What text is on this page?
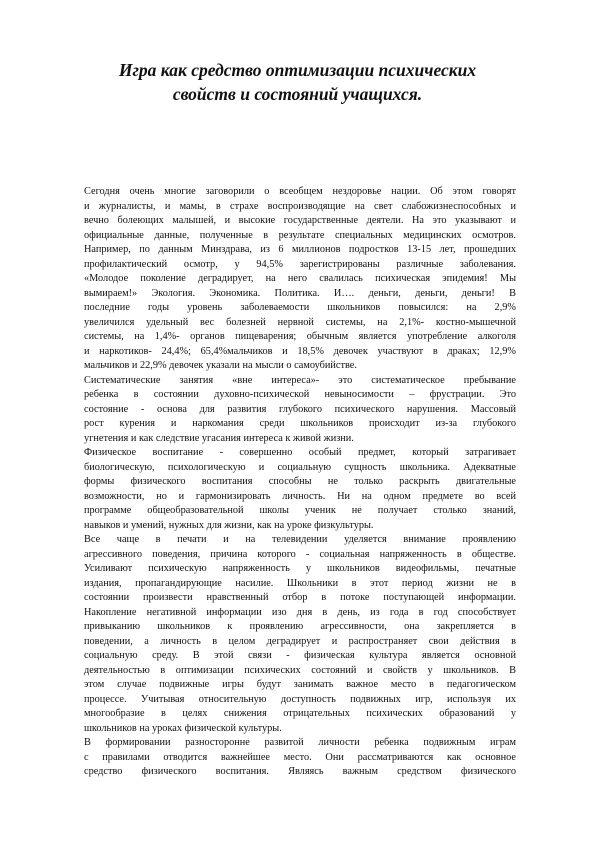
Игра как средство оптимизации психических
свойств и состояний учащихся.

Сегодня очень многие заговорили о всеобщем нездоровье нации. Об этом говорят
и журналисты, и мамы, в страхе воспроизводящие на свет слабожизнеспособных и
вечно болеющих малышей, и высокие государственные деятели. На это указывают и
официальные данные, полученные в результате специальных медицинских осмотров.
Например, по данным Минздрава, из 6 миллионов подростков 13-15 лет, прошедших
профилактический осмотр, у 94,5% зарегистрированы различные заболевания.
«Молодое поколение деградирует, на него свалилась психическая эпидемия! Мы
вымираем!» Экология. Экономика. Политика. И…. деньги, деньги, деньги! В
последние годы уровень заболеваемости школьников повысился: на 2,9%
увеличился удельный вес болезней нервной системы, на 2,1%- костно-мышечной
системы, на 1,4%- органов пищеварения; обычным является употребление алкоголя
и наркотиков- 24,4%; 65,4%мальчиков и 18,5% девочек участвуют в драках; 12,9%
мальчиков и 22,9% девочек указали на мысли о самоубийстве.

Систематические занятия «вне интереса»- это систематическое пребывание
ребенка в состоянии духовно-психической невыносимости – фрустрации. Это
состояние - основа для развития глубокого психического нарушения. Массовый
рост курения и наркомания среди школьников происходит из-за глубокого
угнетения и как следствие угасания интереса к живой жизни.

Физическое воспитание - совершенно особый предмет, который затрагивает
биологическую, психологическую и социальную сущность школьника. Адекватные
формы физического воспитания способны не только раскрыть двигательные
возможности, но и гармонизировать личность. Ни на одном предмете во всей
программе общеобразовательной школы ученик не получает столько знаний,
навыков и умений, нужных для жизни, как на уроке физкультуры.

Все чаще в печати и на телевидении уделяется внимание проявлению
агрессивного поведения, причина которого - социальная напряженность в обществе.
Усиливают психическую напряженность у школьников видеофильмы, печатные
издания, пропагандирующие насилие. Школьники в этот период жизни не в
состоянии произвести нравственный отбор в потоке поступающей информации.
Накопление негативной информации изо дня в день, из года в год способствует
привыканию школьников к проявлению агрессивности, она закрепляется в
поведении, а личность в целом деградирует и распространяет свои действия в
социальную среду. В этой связи - физическая культура является основной
деятельностью в оптимизации психических состояний и свойств у школьников. В
этом случае подвижные игры будут занимать важное место в педагогическом
процессе. Учитывая относительную доступность подвижных игр, используя их
многообразие в целях снижения отрицательных психических образований у
школьников на уроках физической культуры.

В формировании разносторонне развитой личности ребенка подвижным играм
с правилами отводится важнейшее место. Они рассматриваются как основное
средство физического воспитания. Являясь важным средством физического
